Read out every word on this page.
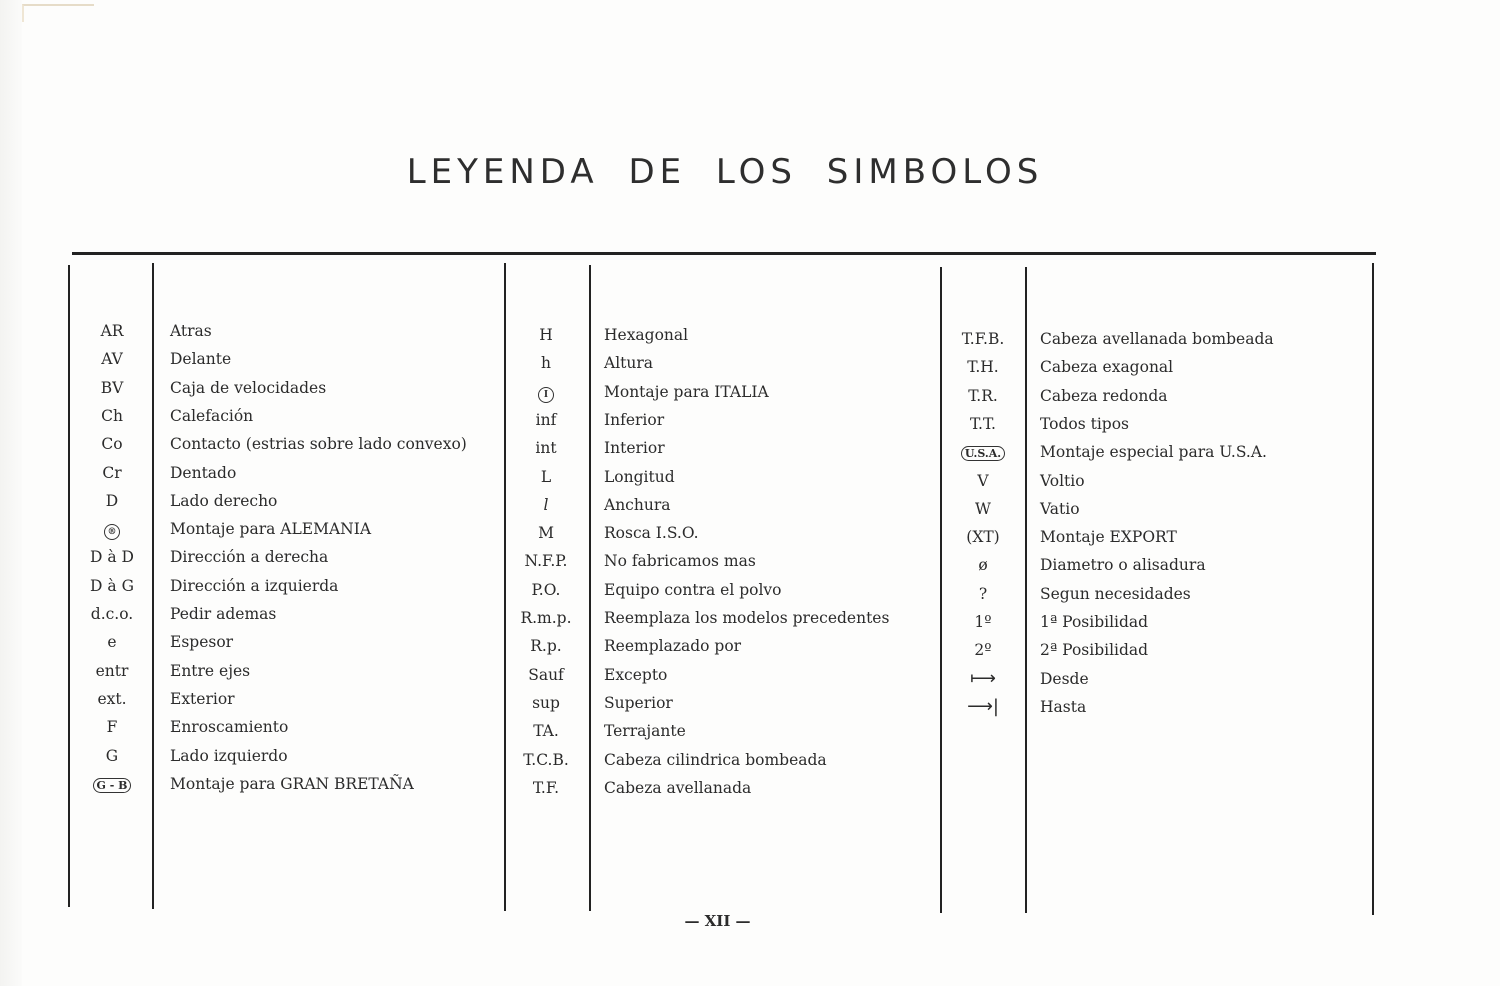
LEYENDA DE LOS SIMBOLOS
AR	Atras
AV	Delante
BV	Caja de velocidades
Ch	Calefación
Co	Contacto (estrias sobre lado convexo)
Cr	Dentado
D	Lado derecho
®	Montaje para ALEMANIA
D à D	Dirección a derecha
D à G	Dirección a izquierda
d.c.o.	Pedir ademas
e	Espesor
entr	Entre ejes
ext.	Exterior
F	Enroscamiento
G	Lado izquierdo
G - B	Montaje para GRAN BRETAÑA
H	Hexagonal
h	Altura
I	Montaje para ITALIA
inf	Inferior
int	Interior
L	Longitud
l	Anchura
M	Rosca I.S.O.
N.F.P.	No fabricamos mas
P.O.	Equipo contra el polvo
R.m.p.	Reemplaza los modelos precedentes
R.p.	Reemplazado por
Sauf	Excepto
sup	Superior
TA.	Terrajante
T.C.B.	Cabeza cilindrica bombeada
T.F.	Cabeza avellanada
T.F.B.	Cabeza avellanada bombeada
T.H.	Cabeza exagonal
T.R.	Cabeza redonda
T.T.	Todos tipos
U.S.A.	Montaje especial para U.S.A.
V	Voltio
W	Vatio
(XT)	Montaje EXPORT
ø	Diametro o alisadura
?	Segun necesidades
1º	1ª Posibilidad
2º	2ª Posibilidad
⟼	Desde
⟶|	Hasta
— XII —
